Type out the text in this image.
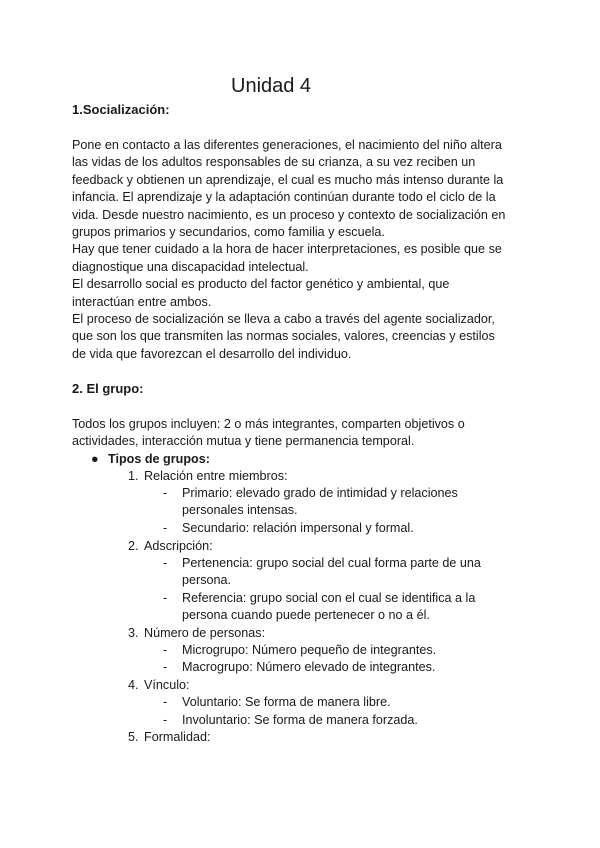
Unidad 4
1.Socialización:
Pone en contacto a las diferentes generaciones, el nacimiento del niño altera
las vidas de los adultos responsables de su crianza, a su vez reciben un
feedback y obtienen un aprendizaje, el cual es mucho más intenso durante la
infancia. El aprendizaje y la adaptación continúan durante todo el ciclo de la
vida. Desde nuestro nacimiento, es un proceso y contexto de socialización en
grupos primarios y secundarios, como familia y escuela.
Hay que tener cuidado a la hora de hacer interpretaciones, es posible que se
diagnostique una discapacidad intelectual.
El desarrollo social es producto del factor genético y ambiental, que
interactúan entre ambos.
El proceso de socialización se lleva a cabo a través del agente socializador,
que son los que transmiten las normas sociales, valores, creencias y estilos
de vida que favorezcan el desarrollo del individuo.
2. El grupo:
Todos los grupos incluyen: 2 o más integrantes, comparten objetivos o
actividades, interacción mutua y tiene permanencia temporal.
● Tipos de grupos:
1. Relación entre miembros:
- Primario: elevado grado de intimidad y relaciones
personales intensas.
- Secundario: relación impersonal y formal.
2. Adscripción:
- Pertenencia: grupo social del cual forma parte de una
persona.
- Referencia: grupo social con el cual se identifica a la
persona cuando puede pertenecer o no a él.
3. Número de personas:
- Microgrupo: Número pequeño de integrantes.
- Macrogrupo: Número elevado de integrantes.
4. Vínculo:
- Voluntario: Se forma de manera libre.
- Involuntario: Se forma de manera forzada.
5. Formalidad:
